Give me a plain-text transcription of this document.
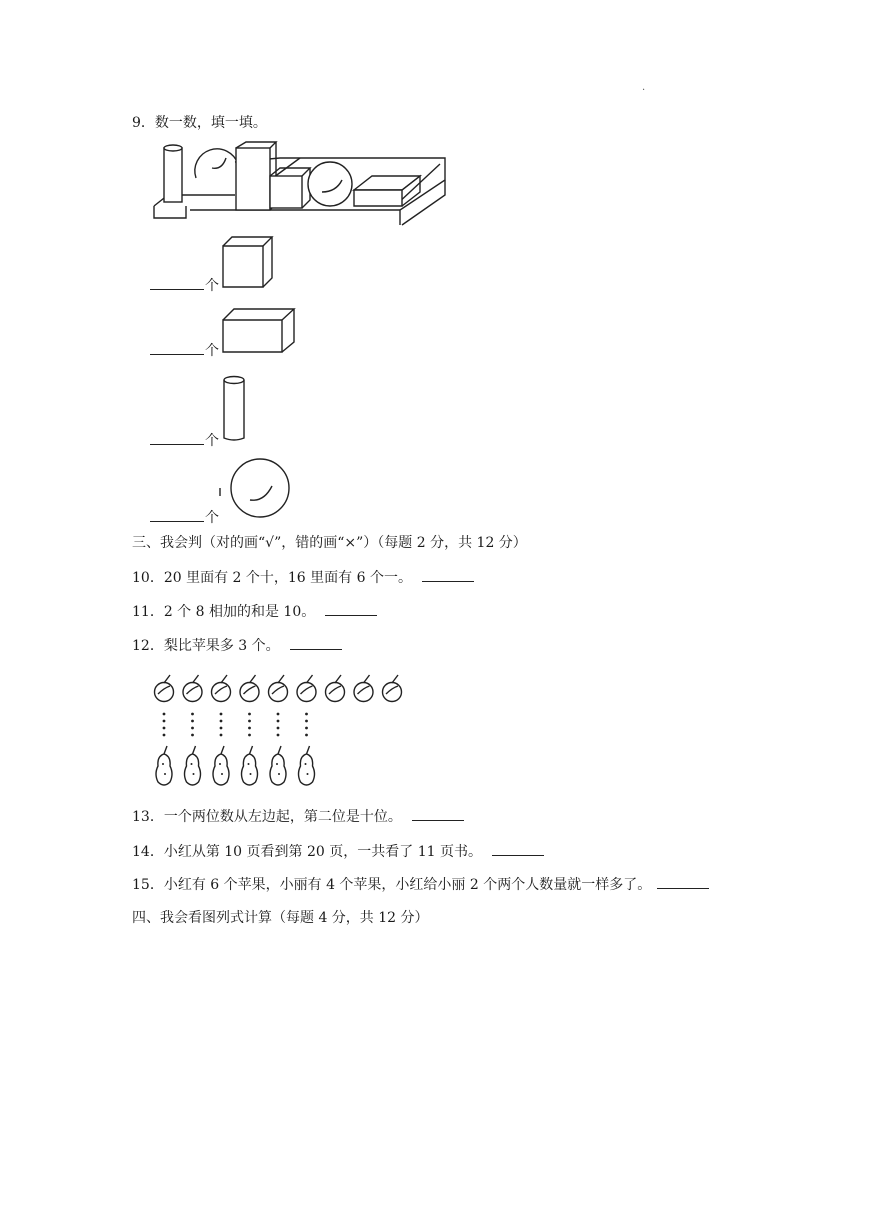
.
9．数一数，填一填。
个
个
个
个
三、我会判（对的画“√”，错的画“×”）（每题 2 分，共 12 分）
10．20 里面有 2 个十，16 里面有 6 个一。
11．2 个 8 相加的和是 10。
12．梨比苹果多 3 个。
13．一个两位数从左边起，第二位是十位。
14．小红从第 10 页看到第 20 页，一共看了 11 页书。
15．小红有 6 个苹果，小丽有 4 个苹果，小红给小丽 2 个两个人数量就一样多了。
四、我会看图列式计算（每题 4 分，共 12 分）
